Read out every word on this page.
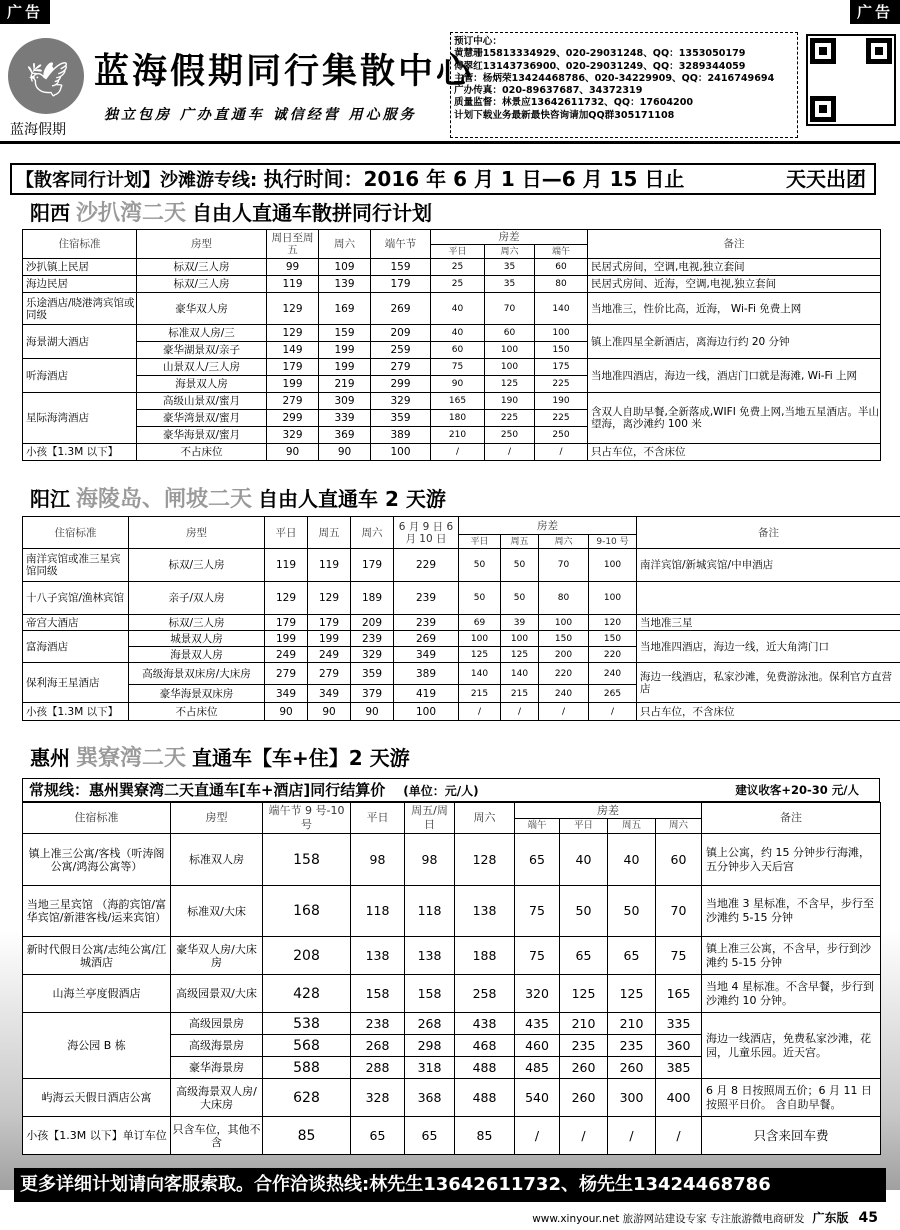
广告	广告
🕊
蓝海假期
蓝海假期同行集散中心
独立包房 广办直通车 诚信经营 用心服务
预订中心：
黄慧珊15813334929、020-29031248、QQ：1353050179
傅翠红13143736900、020-29031249、QQ：3289344059
主管：杨炳荣13424468786、020-34229909、QQ：2416749694
广办传真：020-89637687、34372319
质量监督：林景应13642611732、QQ：17604200
计划下载业务最新最快咨询请加QQ群305171108
【散客同行计划】沙滩游专线: 执行时间：2016 年 6 月 1 日—6 月 15 日止	天天出团
阳西 沙扒湾二天 自由人直通车散拼同行计划
住宿标准	房型	周日至周五	周六	端午节	房差			备注
					平日	周六	端午	
沙扒镇上民居	标双/三人房	99	109	159	25	35	60	民居式房间，空调,电视,独立套间
海边民居	标双/三人房	119	139	179	25	35	80	民居式房间、近海，空调,电视,独立套间
乐途酒店/晓港湾宾馆或同级	豪华双人房	129	169	269	40	70	140	当地准三，性价比高，近海， Wi-Fi 免费上网
海景湖大酒店	标准双人房/三	129	159	209	40	60	100	镇上准四星全新酒店，离海边行约 20 分钟
	豪华湖景双/亲子	149	199	259	60	100	150	
听海酒店	山景双人/三人房	179	199	279	75	100	175	当地准四酒店，海边一线，酒店门口就是海滩, Wi-Fi 上网
	海景双人房	199	219	299	90	125	225	
星际海湾酒店	高级山景双/蜜月	279	309	329	165	190	190	含双人自助早餐,全新落成,WIFI 免费上网,当地五星酒店。半山望海，离沙滩约 100 米
	豪华湾景双/蜜月	299	339	359	180	225	225	
	豪华海景双/蜜月	329	369	389	210	250	250	
小孩【1.3M 以下】	不占床位	90	90	100	/	/	/	只占车位，不含床位
阳江 海陵岛、闸坡二天 自由人直通车 2 天游
住宿标准	房型	平日	周五	周六	6 月 9 日 6 月 10 日	房差				备注
						平日	周五	周六	9-10 号	
南洋宾馆或准三星宾馆同级	标双/三人房	119	119	179	229	50	50	70	100	南洋宾馆/新城宾馆/中申酒店
十八子宾馆/渔林宾馆	亲子/双人房	129	129	189	239	50	50	80	100	
帝宫大酒店	标双/三人房	179	179	209	239	69	39	100	120	当地准三星
富海酒店	城景双人房	199	199	239	269	100	100	150	150	当地准四酒店，海边一线，近大角湾门口
	海景双人房	249	249	329	349	125	125	200	220	
保利海王星酒店	高级海景双床房/大床房	279	279	359	389	140	140	220	240	海边一线酒店，私家沙滩，免费游泳池。保利官方直营店
	豪华海景双床房	349	349	379	419	215	215	240	265	
小孩【1.3M 以下】	不占床位	90	90	90	100	/	/	/	/	只占车位，不含床位
惠州 巽寮湾二天 直通车【车+住】2 天游
常规线：惠州巽寮湾二天直通车[车+酒店]同行结算价 (单位：元/人)	建议收客+20-30 元/人
住宿标准	房型	端午节 9 号-10 号	平日	周五/周日	周六	房差				备注
						端午	平日	周五	周六	
镇上准三公寓/客栈（听涛阁公寓/鸿海公寓等）	标准双人房	158	98	98	128	65	40	40	60	镇上公寓，约 15 分钟步行海滩，五分钟步入天后宫
当地三星宾馆 （海韵宾馆/富华宾馆/新港客栈/运来宾馆）	标准双/大床	168	118	118	138	75	50	50	70	当地准 3 星标准，不含早，步行至沙滩约 5-15 分钟
新时代假日公寓/志纯公寓/江城酒店	豪华双人房/大床房	208	138	138	188	75	65	65	75	镇上准三公寓，不含早，步行到沙滩约 5-15 分钟
山海兰亭度假酒店	高级园景双/大床	428	158	158	258	320	125	125	165	当地 4 星标准。不含早餐，步行到沙滩约 10 分钟。
海公园 B 栋	高级园景房	538	238	268	438	435	210	210	335	海边一线酒店，免费私家沙滩，花园，儿童乐园。近天宫。
	高级海景房	568	268	298	468	460	235	235	360	
	豪华海景房	588	288	318	488	485	260	260	385	
屿海云天假日酒店公寓	高级海景双人房/大床房	628	328	368	488	540	260	300	400	6 月 8 日按照周五价；6 月 11 日按照平日价。 含自助早餐。
小孩【1.3M 以下】单订车位	只含车位，其他不含	85	65	65	85	/	/	/	/	只含来回车费
更多详细计划请向客服索取。合作洽谈热线:林先生13642611732、杨先生13424468786
www.xinyour.net 旅游网站建设专家 专注旅游微电商研发 广东版 45
